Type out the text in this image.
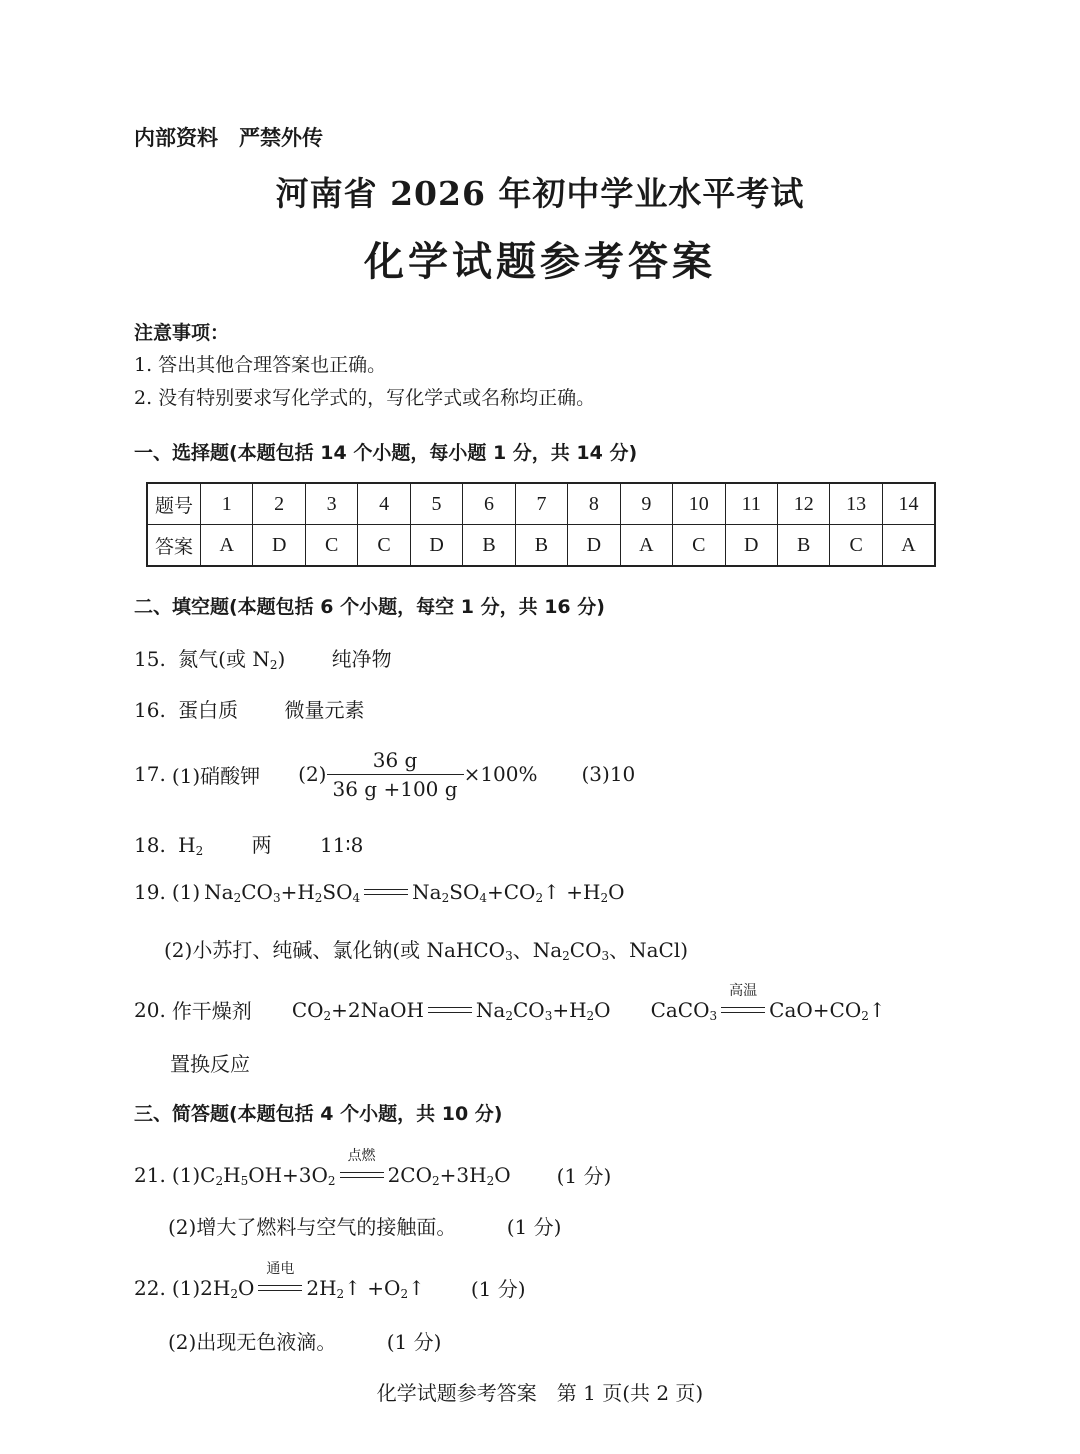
内部资料　严禁外传
河南省 2026 年初中学业水平考试
化学试题参考答案
注意事项：
1. 答出其他合理答案也正确。
2. 没有特别要求写化学式的，写化学式或名称均正确。
一、选择题(本题包括 14 个小题，每小题 1 分，共 14 分)
题号	1	2	3	4	5	6	7	8	9	10	11	12	13	14
答案	A	D	C	C	D	B	B	D	A	C	D	B	C	A
二、填空题(本题包括 6 个小题，每空 1 分，共 16 分)
15. 氮气(或 $N_2$) 纯净物
16. 蛋白质 微量元素
17. (1)硝酸钾 $(2) \frac{36 g}{36 g +100 g} \times 100\%$ (3)10
18. $H_2$ 两 11∶8
19. (1) $Na_2CO_3+H_2SO_4$	$Na_2SO_4+CO_2↑ +H_2O$
(2)小苏打、纯碱、氯化钠(或 NaHCO$_3$、$Na_2CO_3$、NaCl)
20. 作干燥剂 $CO_2+2NaOH$	$Na_2CO_3+H_2O$ CaCO$_3$
高温
$CaO+CO_2↑$
置换反应
三、简答题(本题包括 4 个小题，共 10 分)
21. (1) $C_2H_5OH+3O_2$
点燃
$2CO_2+3H_2O$ (1 分)
(2)增大了燃料与空气的接触面。	(1 分)
22. (1) $2H_2O$
通电
$2H_2↑$ $+O_2↑$ (1 分)
(2)出现无色液滴。	(1 分)
化学试题参考答案　第 1 页(共 2 页)
